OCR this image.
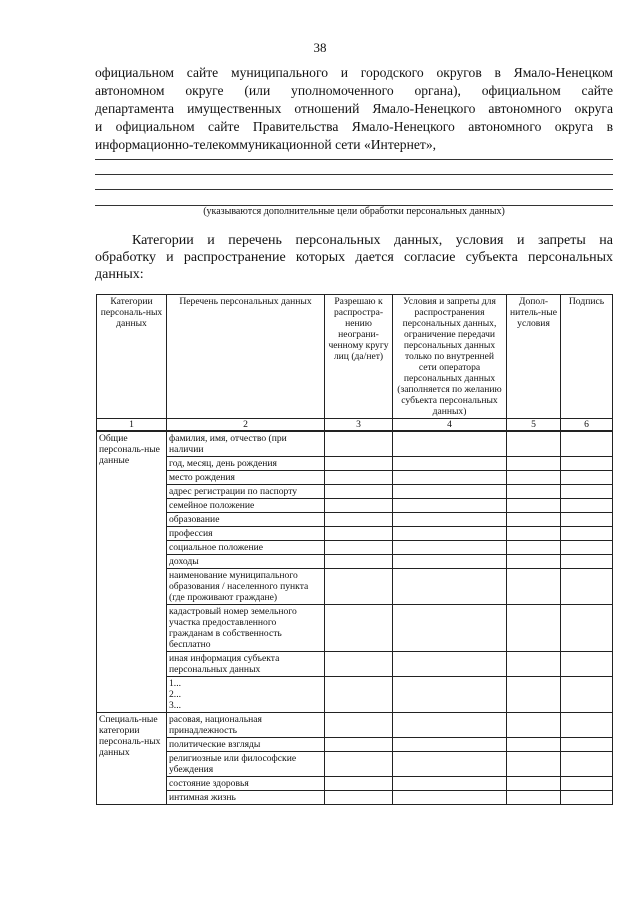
38
официальном сайте муниципального и городского округов в Ямало-Ненецком
автономном округе (или уполномоченного органа), официальном сайте
департамента имущественных отношений Ямало-Ненецкого автономного округа
и официальном сайте Правительства Ямало-Ненецкого автономного округа в
информационно-телекоммуникационной сети «Интернет»,
(указываются дополнительные цели обработки персональных данных)
Категории и перечень персональных данных, условия и запреты на
обработку и распространение которых дается согласие субъекта персональных
данных:
Категории персональ-ных данных	Перечень персональных данных	Разрешаю к распростра-нению неограни-ченному кругу лиц (да/нет)	Условия и запреты для распространения персональных данных, ограничение передачи персональных данных только по внутренней сети оператора персональных данных (заполняется по желанию субъекта персональных данных)	Допол-нитель-ные условия	Подпись
1	2	3	4	5	6
Общие персональ-ные данные	фамилия, имя, отчество (при наличии				
	год, месяц, день рождения				
	место рождения				
	адрес регистрации по паспорту				
	семейное положение				
	образование				
	профессия				
	социальное положение				
	доходы				
	наименование муниципального образования / населенного пункта (где проживают граждане)				
	кадастровый номер земельного участка предоставленного гражданам в собственность бесплатно				
	иная информация субъекта персональных данных				

	1...
2...
3...				

Специаль-ные категории персональ-ных данных	расовая, национальная принадлежность				
	политические взгляды				
	религиозные или философские убеждения				
	состояние здоровья				
	интимная жизнь				
